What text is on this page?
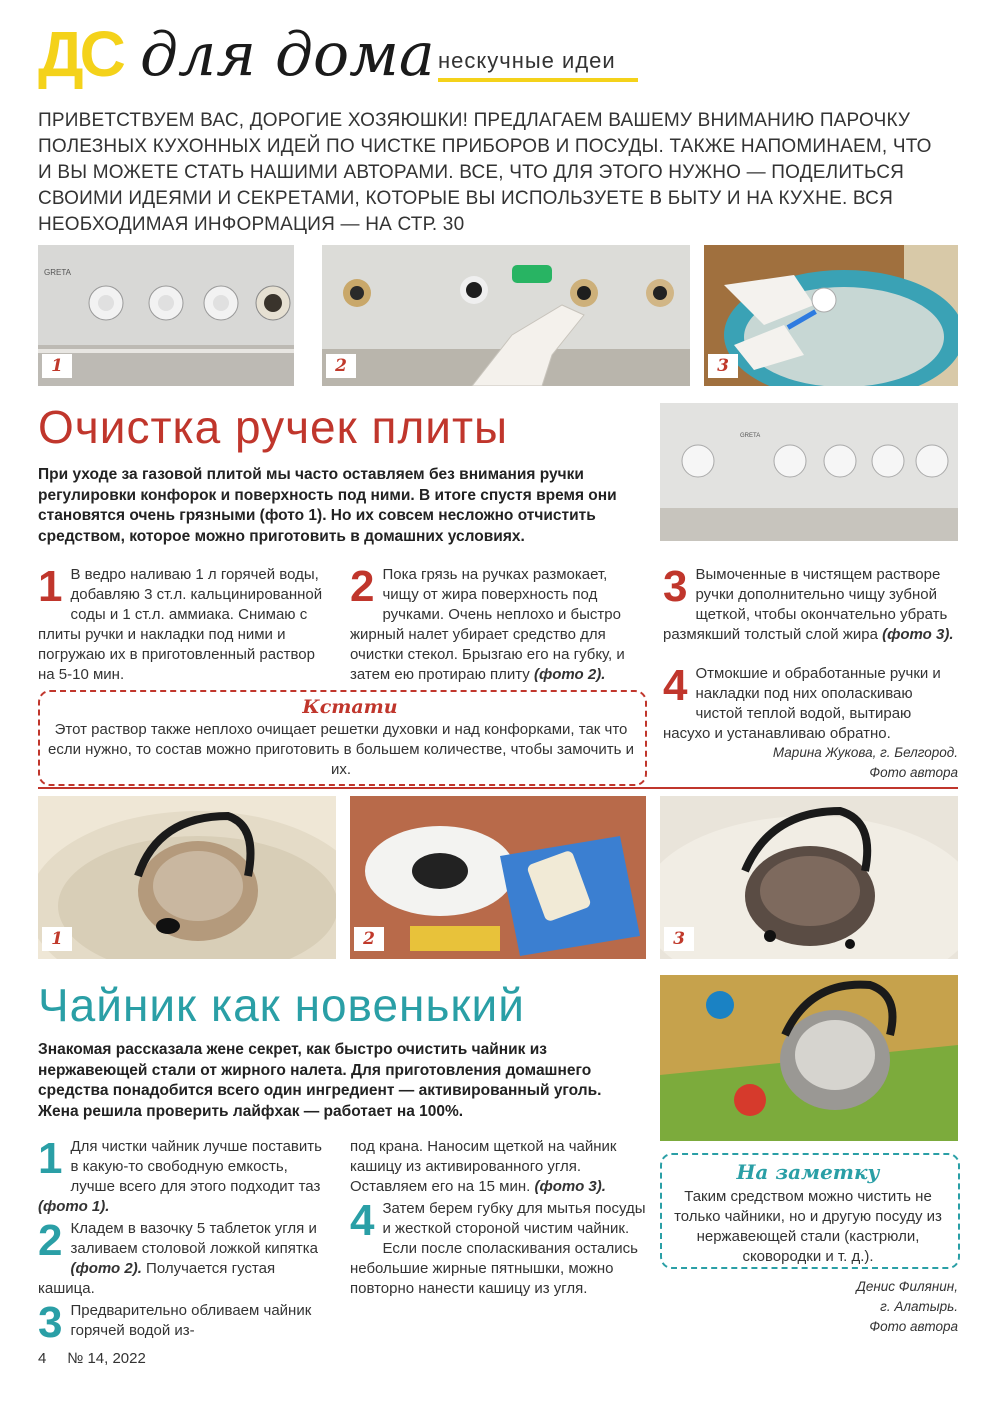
ДС для дома нескучные идеи
ПРИВЕТСТВУЕМ ВАС, ДОРОГИЕ ХОЗЯЮШКИ! ПРЕДЛАГАЕМ ВАШЕМУ ВНИМАНИЮ ПАРОЧКУ ПОЛЕЗНЫХ КУХОННЫХ ИДЕЙ ПО ЧИСТКЕ ПРИБОРОВ И ПОСУДЫ. ТАКЖЕ НАПОМИНАЕМ, ЧТО И ВЫ МОЖЕТЕ СТАТЬ НАШИМИ АВТОРАМИ. ВСЕ, ЧТО ДЛЯ ЭТОГО НУЖНО — ПОДЕЛИТЬСЯ СВОИМИ ИДЕЯМИ И СЕКРЕТАМИ, КОТОРЫЕ ВЫ ИСПОЛЬЗУЕТЕ В БЫТУ И НА КУХНЕ. ВСЯ НЕОБХОДИМАЯ ИНФОРМАЦИЯ — НА СТР. 30
GRETA
1	2	3
GRETA
Очистка ручек плиты
При уходе за газовой плитой мы часто оставляем без внимания ручки регулировки конфорок и поверхность под ними. В итоге спустя время они становятся очень грязными (фото 1). Но их совсем несложно отчистить средством, которое можно приготовить в домашних условиях.
1 В ведро наливаю 1 л горячей воды, добавляю 3 ст.л. кальцинированной соды и 1 ст.л. аммиака. Снимаю с плиты ручки и накладки под ними и погружаю их в приготовленный раствор на 5-10 мин.
2 Пока грязь на ручках размокает, чищу от жира поверхность под ручками. Очень неплохо и быстро жирный налет убирает средство для очистки стекол. Брызгаю его на губку, и затем ею протираю плиту (фото 2).
3 Вымоченные в чистящем растворе ручки дополнительно чищу зубной щеткой, чтобы окончательно убрать размякший толстый слой жира (фото 3).
4 Отмокшие и обработанные ручки и накладки под них ополаскиваю чистой теплой водой, вытираю насухо и устанавливаю обратно.
Марина Жукова, г. Белгород.
Фото автора
Кстати
Этот раствор также неплохо очищает решетки духовки и над конфорками, так что если нужно, то состав можно приготовить в большем количестве, чтобы замочить и их.
1	2	3
Чайник как новенький
Знакомая рассказала жене секрет, как быстро очистить чайник из нержавеющей стали от жирного налета. Для приготовления домашнего средства понадобится всего один ингредиент — активированный уголь. Жена решила проверить лайфхак — работает на 100%.
1 Для чистки чайник лучше поставить в какую-то свободную емкость, лучше всего для этого подходит таз (фото 1).
2 Кладем в вазочку 5 таблеток угля и заливаем столовой ложкой кипятка (фото 2). Получается густая кашица.
3 Предварительно обливаем чайник горячей водой из-
под крана. Наносим щеткой на чайник кашицу из активированного угля. Оставляем его на 15 мин. (фото 3).
4 Затем берем губку для мытья посуды и жесткой стороной чистим чайник. Если после споласкивания остались небольшие жирные пятнышки, можно повторно нанести кашицу из угля.
На заметку
Таким средством можно чистить не только чайники, но и другую посуду из нержавеющей стали (кастрюли, сковородки и т. д.).
Денис Филянин,
г. Алатырь.
Фото автора
4 № 14, 2022
